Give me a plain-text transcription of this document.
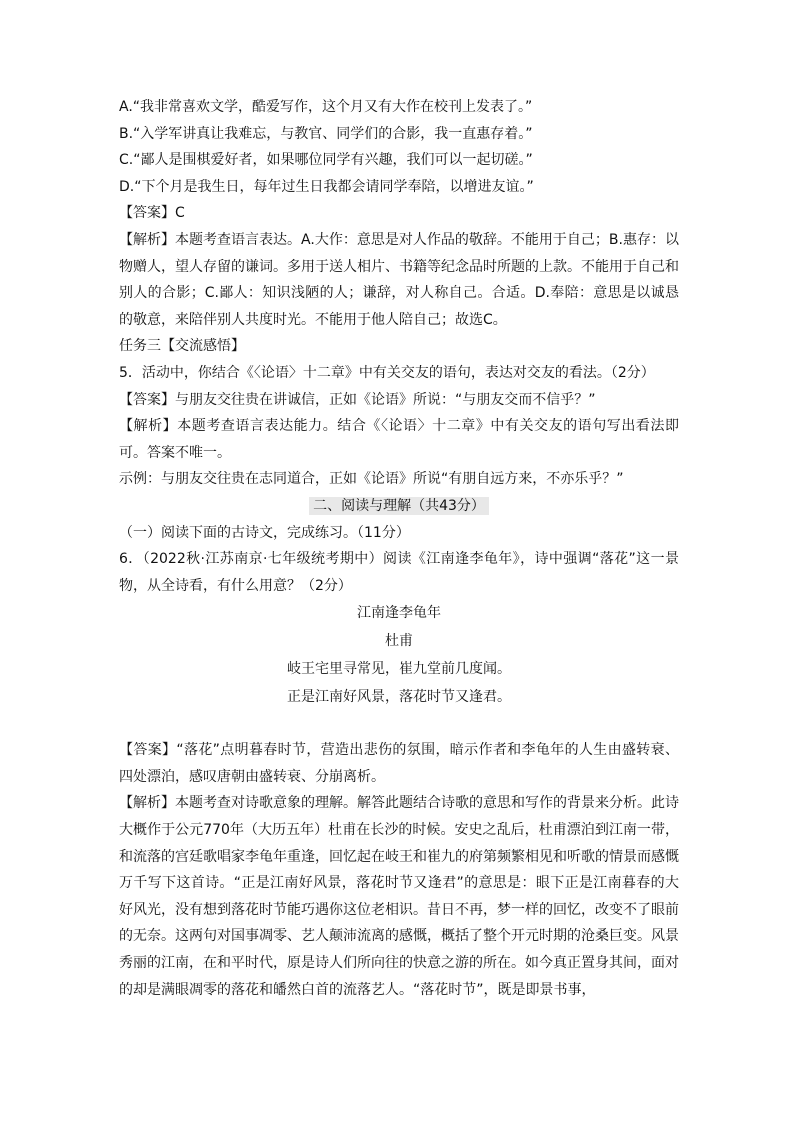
A.“我非常喜欢文学，酷爱写作，这个月又有大作在校刊上发表了。”
B.“入学军讲真让我难忘，与教官、同学们的合影，我一直惠存着。”
C.“鄙人是围棋爱好者，如果哪位同学有兴趣，我们可以一起切磋。”
D.“下个月是我生日，每年过生日我都会请同学奉陪，以增进友谊。”
【答案】C
【解析】本题考查语言表达。A.大作：意思是对人作品的敬辞。不能用于自己；B.惠存：以物赠人，望人存留的谦词。多用于送人相片、书籍等纪念品时所题的上款。不能用于自己和别人的合影；C.鄙人：知识浅陋的人；谦辞，对人称自己。合适。D.奉陪：意思是以诚恳的敬意，来陪伴别人共度时光。不能用于他人陪自己；故选C。
任务三【交流感悟】
5．活动中，你结合《〈论语〉十二章》中有关交友的语句，表达对交友的看法。（2分）
【答案】与朋友交往贵在讲诚信，正如《论语》所说：“与朋友交而不信乎？”
【解析】本题考查语言表达能力。结合《〈论语〉十二章》中有关交友的语句写出看法即可。答案不唯一。
示例：与朋友交往贵在志同道合，正如《论语》所说“有朋自远方来，不亦乐乎？”
二、阅读与理解（共43分）
（一）阅读下面的古诗文，完成练习。（11分）
6．（2022秋·江苏南京·七年级统考期中）阅读《江南逢李龟年》，诗中强调“落花”这一景物，从全诗看，有什么用意？（2分）
江南逢李龟年
杜甫
岐王宅里寻常见，崔九堂前几度闻。
正是江南好风景，落花时节又逢君。
【答案】“落花”点明暮春时节，营造出悲伤的氛围，暗示作者和李龟年的人生由盛转衰、四处漂泊，感叹唐朝由盛转衰、分崩离析。
【解析】本题考查对诗歌意象的理解。解答此题结合诗歌的意思和写作的背景来分析。此诗大概作于公元770年（大历五年）杜甫在长沙的时候。安史之乱后，杜甫漂泊到江南一带，和流落的宫廷歌唱家李龟年重逢，回忆起在岐王和崔九的府第频繁相见和听歌的情景而感慨万千写下这首诗。“正是江南好风景，落花时节又逢君”的意思是：眼下正是江南暮春的大好风光，没有想到落花时节能巧遇你这位老相识。昔日不再，梦一样的回忆，改变不了眼前的无奈。这两句对国事凋零、艺人颠沛流离的感慨，概括了整个开元时期的沧桑巨变。风景秀丽的江南，在和平时代，原是诗人们所向往的快意之游的所在。如今真正置身其间，面对的却是满眼凋零的落花和皤然白首的流落艺人。“落花时节”，既是即景书事，
